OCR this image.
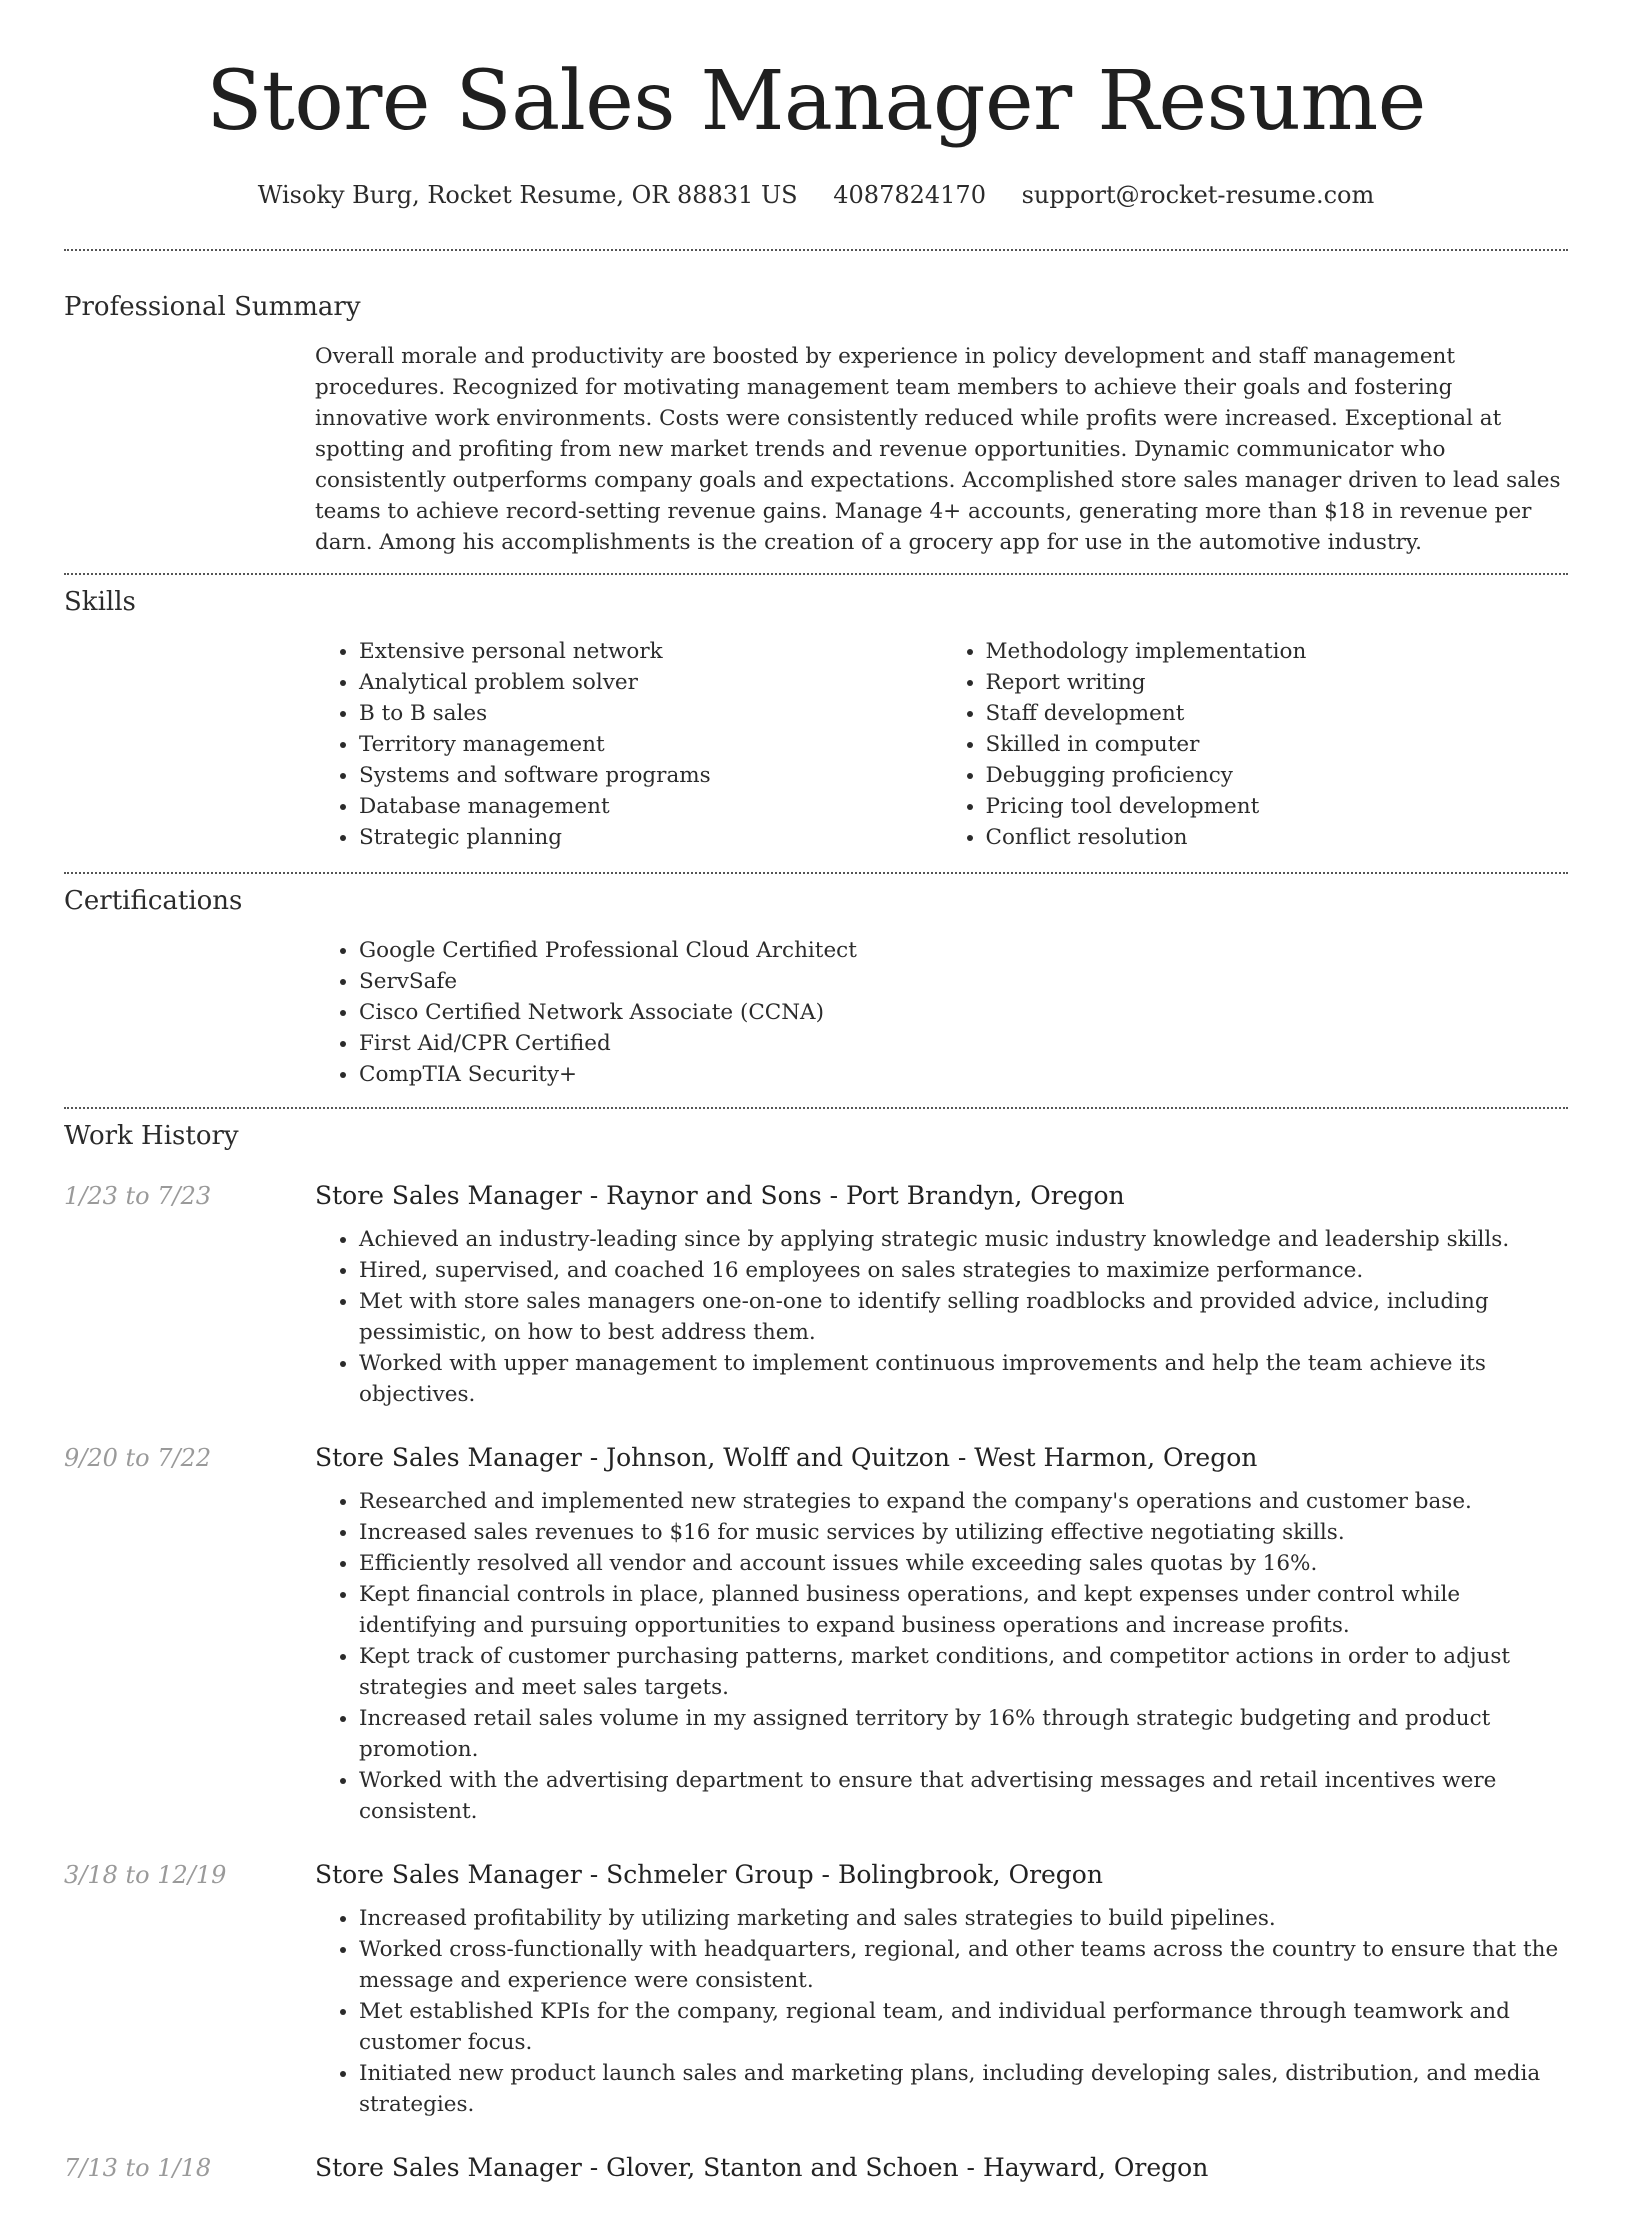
Store Sales Manager Resume
Wisoky Burg, Rocket Resume, OR 88831 US 4087824170 support@rocket-resume.com
Professional Summary

Overall morale and productivity are boosted by experience in policy development and staff management procedures. Recognized for motivating management team members to achieve their goals and fostering innovative work environments. Costs were consistently reduced while profits were increased. Exceptional at spotting and profiting from new market trends and revenue opportunities. Dynamic communicator who consistently outperforms company goals and expectations. Accomplished store sales manager driven to lead sales teams to achieve record-setting revenue gains. Manage 4+ accounts, generating more than $18 in revenue per darn. Among his accomplishments is the creation of a grocery app for use in the automotive industry.

Skills
• Extensive personal network
• Analytical problem solver
• B to B sales
• Territory management
• Systems and software programs
• Database management
• Strategic planning
• Methodology implementation
• Report writing
• Staff development
• Skilled in computer
• Debugging proficiency
• Pricing tool development
• Conflict resolution
Certifications
• Google Certified Professional Cloud Architect
• ServSafe
• Cisco Certified Network Associate (CCNA)
• First Aid/CPR Certified
• CompTIA Security+
Work History
1/23 to 7/23	Store Sales Manager - Raynor and Sons - Port Brandyn, Oregon
• Achieved an industry-leading since by applying strategic music industry knowledge and leadership skills.
• Hired, supervised, and coached 16 employees on sales strategies to maximize performance.
• Met with store sales managers one-on-one to identify selling roadblocks and provided advice, including pessimistic, on how to best address them.
• Worked with upper management to implement continuous improvements and help the team achieve its objectives.
9/20 to 7/22	Store Sales Manager - Johnson, Wolff and Quitzon - West Harmon, Oregon
• Researched and implemented new strategies to expand the company's operations and customer base.
• Increased sales revenues to $16 for music services by utilizing effective negotiating skills.
• Efficiently resolved all vendor and account issues while exceeding sales quotas by 16%.
• Kept financial controls in place, planned business operations, and kept expenses under control while identifying and pursuing opportunities to expand business operations and increase profits.
• Kept track of customer purchasing patterns, market conditions, and competitor actions in order to adjust strategies and meet sales targets.
• Increased retail sales volume in my assigned territory by 16% through strategic budgeting and product promotion.
• Worked with the advertising department to ensure that advertising messages and retail incentives were consistent.
3/18 to 12/19	Store Sales Manager - Schmeler Group - Bolingbrook, Oregon
• Increased profitability by utilizing marketing and sales strategies to build pipelines.
• Worked cross-functionally with headquarters, regional, and other teams across the country to ensure that the message and experience were consistent.
• Met established KPIs for the company, regional team, and individual performance through teamwork and customer focus.
• Initiated new product launch sales and marketing plans, including developing sales, distribution, and media strategies.
7/13 to 1/18	Store Sales Manager - Glover, Stanton and Schoen - Hayward, Oregon
